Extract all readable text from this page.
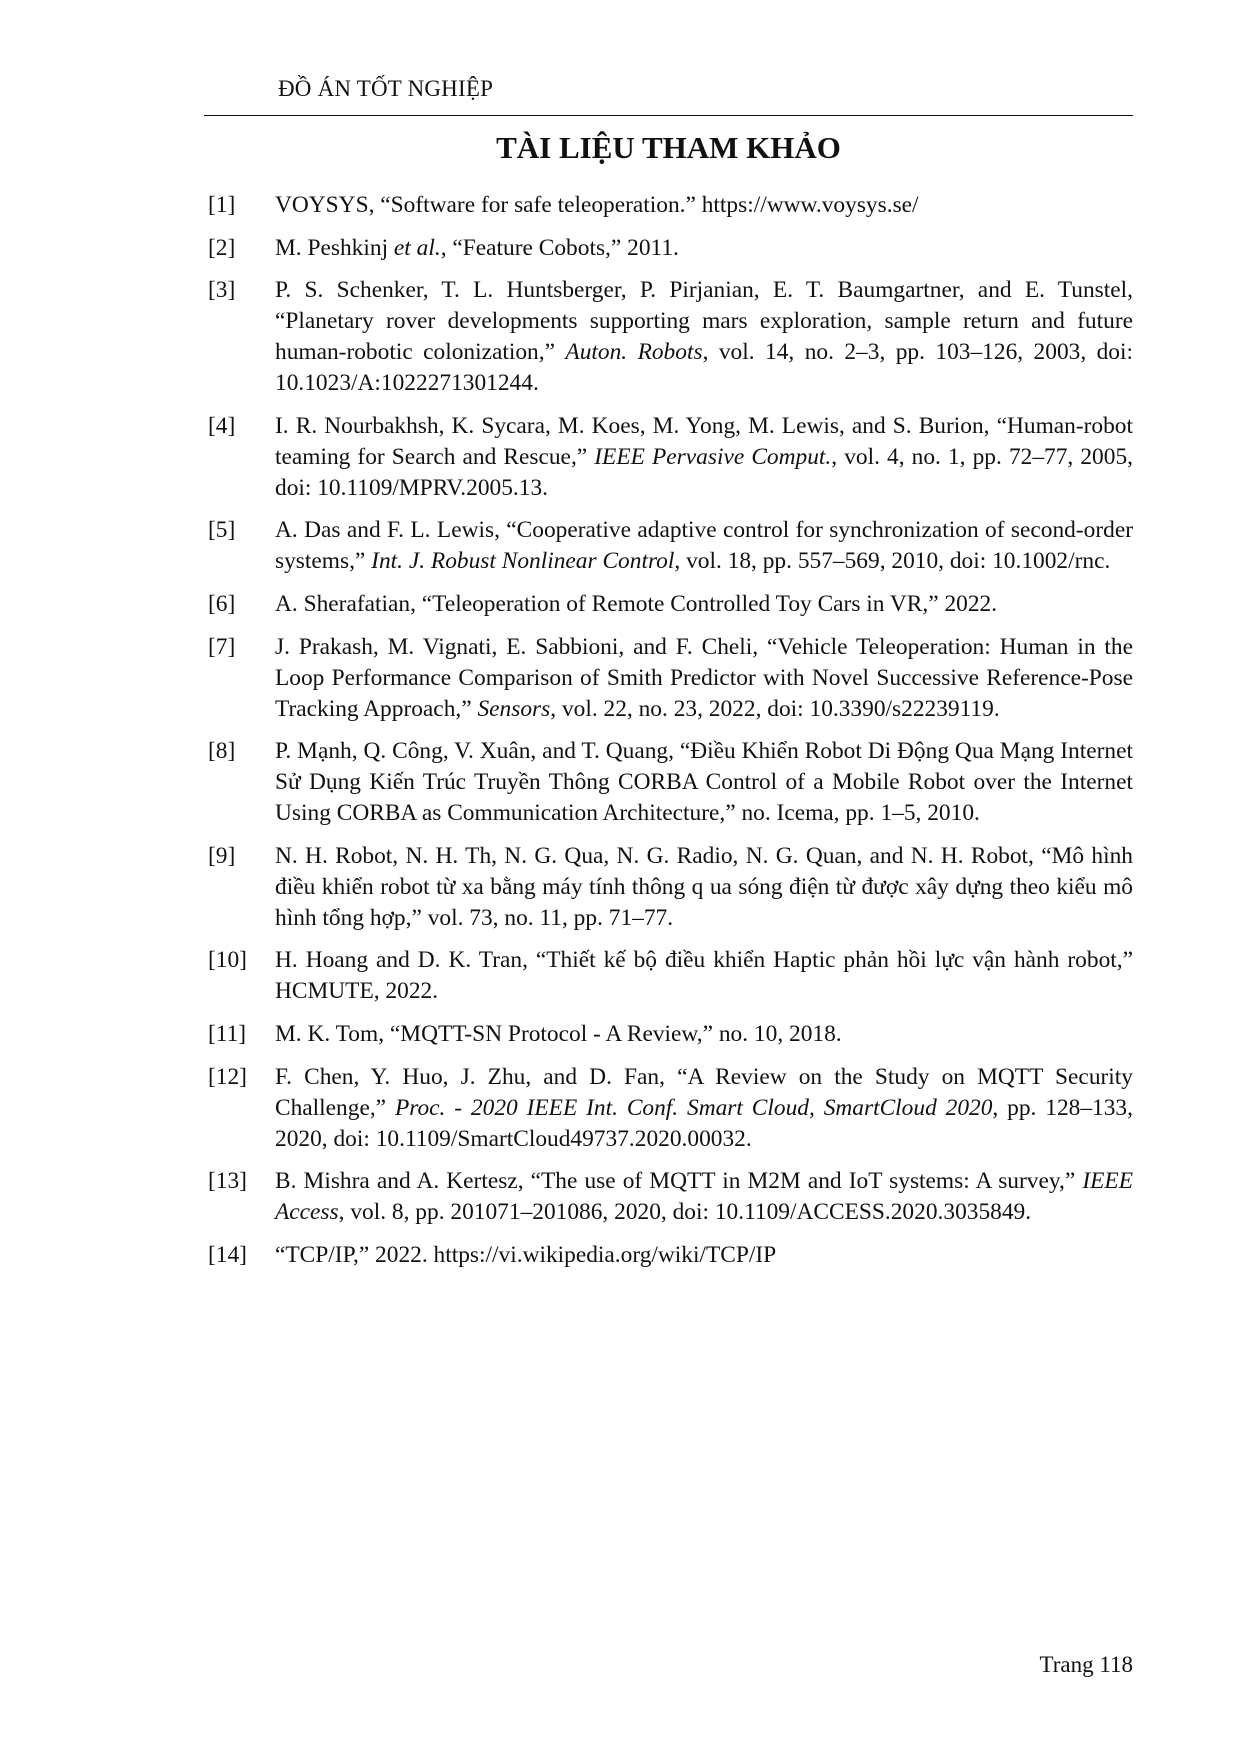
ĐỒ ÁN TỐT NGHIỆP
TÀI LIỆU THAM KHẢO
[1]	VOYSYS, “Software for safe teleoperation.” https://www.voysys.se/
[2]	M. Peshkinj et al., “Feature Cobots,” 2011.
[3]	P. S. Schenker, T. L. Huntsberger, P. Pirjanian, E. T. Baumgartner, and E. Tunstel, “Planetary rover developments supporting mars exploration, sample return and future human-robotic colonization,” Auton. Robots, vol. 14, no. 2–3, pp. 103–126, 2003, doi: 10.1023/A:1022271301244.
[4]	I. R. Nourbakhsh, K. Sycara, M. Koes, M. Yong, M. Lewis, and S. Burion, “Human-robot teaming for Search and Rescue,” IEEE Pervasive Comput., vol. 4, no. 1, pp. 72–77, 2005, doi: 10.1109/MPRV.2005.13.
[5]	A. Das and F. L. Lewis, “Cooperative adaptive control for synchronization of second-order systems,” Int. J. Robust Nonlinear Control, vol. 18, pp. 557–569, 2010, doi: 10.1002/rnc.
[6]	A. Sherafatian, “Teleoperation of Remote Controlled Toy Cars in VR,” 2022.
[7]	J. Prakash, M. Vignati, E. Sabbioni, and F. Cheli, “Vehicle Teleoperation: Human in the Loop Performance Comparison of Smith Predictor with Novel Successive Reference-Pose Tracking Approach,” Sensors, vol. 22, no. 23, 2022, doi: 10.3390/s22239119.
[8]	P. Mạnh, Q. Công, V. Xuân, and T. Quang, “Điều Khiển Robot Di Động Qua Mạng Internet Sử Dụng Kiến Trúc Truyền Thông CORBA Control of a Mobile Robot over the Internet Using CORBA as Communication Architecture,” no. Icema, pp. 1–5, 2010.
[9]	N. H. Robot, N. H. Th, N. G. Qua, N. G. Radio, N. G. Quan, and N. H. Robot, “Mô hình điều khiển robot từ xa bằng máy tính thông q ua sóng điện từ được xây dựng theo kiểu mô hình tổng hợp,” vol. 73, no. 11, pp. 71–77.
[10]	H. Hoang and D. K. Tran, “Thiết kế bộ điều khiển Haptic phản hồi lực vận hành robot,” HCMUTE, 2022.
[11]	M. K. Tom, “MQTT-SN Protocol - A Review,” no. 10, 2018.
[12]	F. Chen, Y. Huo, J. Zhu, and D. Fan, “A Review on the Study on MQTT Security Challenge,” Proc. - 2020 IEEE Int. Conf. Smart Cloud, SmartCloud 2020, pp. 128–133, 2020, doi: 10.1109/SmartCloud49737.2020.00032.
[13]	B. Mishra and A. Kertesz, “The use of MQTT in M2M and IoT systems: A survey,” IEEE Access, vol. 8, pp. 201071–201086, 2020, doi: 10.1109/ACCESS.2020.3035849.
[14]	“TCP/IP,” 2022. https://vi.wikipedia.org/wiki/TCP/IP
Trang 118
